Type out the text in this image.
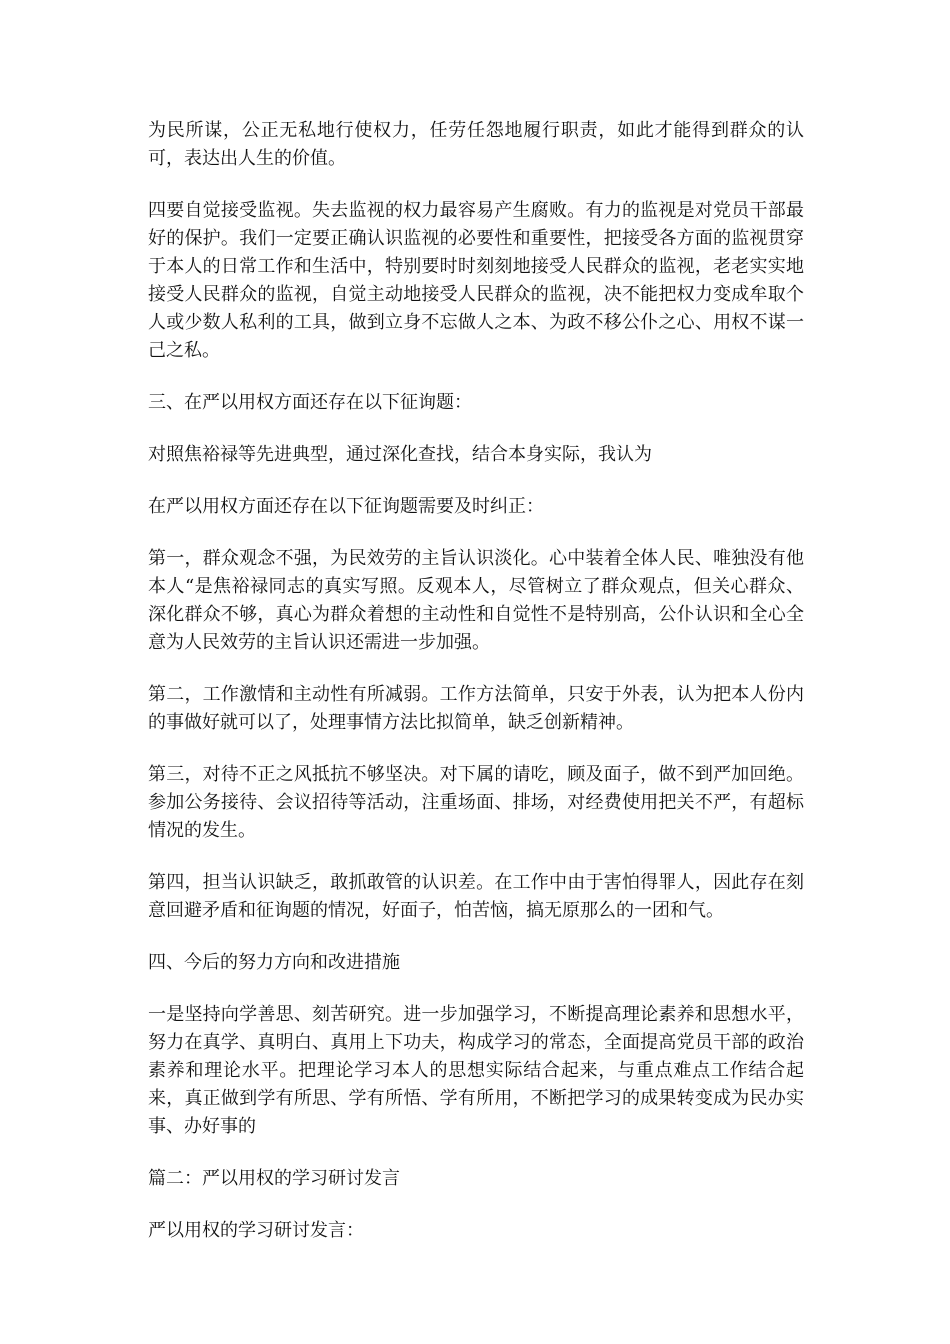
为民所谋，公正无私地行使权力，任劳任怨地履行职责，如此才能得到群众的认可，表达出人生的价值。

四要自觉接受监视。失去监视的权力最容易产生腐败。有力的监视是对党员干部最好的保护。我们一定要正确认识监视的必要性和重要性，把接受各方面的监视贯穿于本人的日常工作和生活中，特别要时时刻刻地接受人民群众的监视，老老实实地接受人民群众的监视，自觉主动地接受人民群众的监视，决不能把权力变成牟取个人或少数人私利的工具，做到立身不忘做人之本、为政不移公仆之心、用权不谋一己之私。

三、在严以用权方面还存在以下征询题：

对照焦裕禄等先进典型，通过深化查找，结合本身实际，我认为

在严以用权方面还存在以下征询题需要及时纠正：

第一，群众观念不强，为民效劳的主旨认识淡化。心中装着全体人民、唯独没有他本人“是焦裕禄同志的真实写照。反观本人，尽管树立了群众观点，但关心群众、深化群众不够，真心为群众着想的主动性和自觉性不是特别高，公仆认识和全心全意为人民效劳的主旨认识还需进一步加强。

第二，工作激情和主动性有所减弱。工作方法简单，只安于外表，认为把本人份内的事做好就可以了，处理事情方法比拟简单，缺乏创新精神。

第三，对待不正之风抵抗不够坚决。对下属的请吃，顾及面子，做不到严加回绝。参加公务接待、会议招待等活动，注重场面、排场，对经费使用把关不严，有超标情况的发生。

第四，担当认识缺乏，敢抓敢管的认识差。在工作中由于害怕得罪人，因此存在刻意回避矛盾和征询题的情况，好面子，怕苦恼，搞无原那么的一团和气。

四、今后的努力方向和改进措施

一是坚持向学善思、刻苦研究。进一步加强学习，不断提高理论素养和思想水平，努力在真学、真明白、真用上下功夫，构成学习的常态，全面提高党员干部的政治素养和理论水平。把理论学习本人的思想实际结合起来，与重点难点工作结合起来，真正做到学有所思、学有所悟、学有所用，不断把学习的成果转变成为民办实事、办好事的

篇二：严以用权的学习研讨发言

严以用权的学习研讨发言：
